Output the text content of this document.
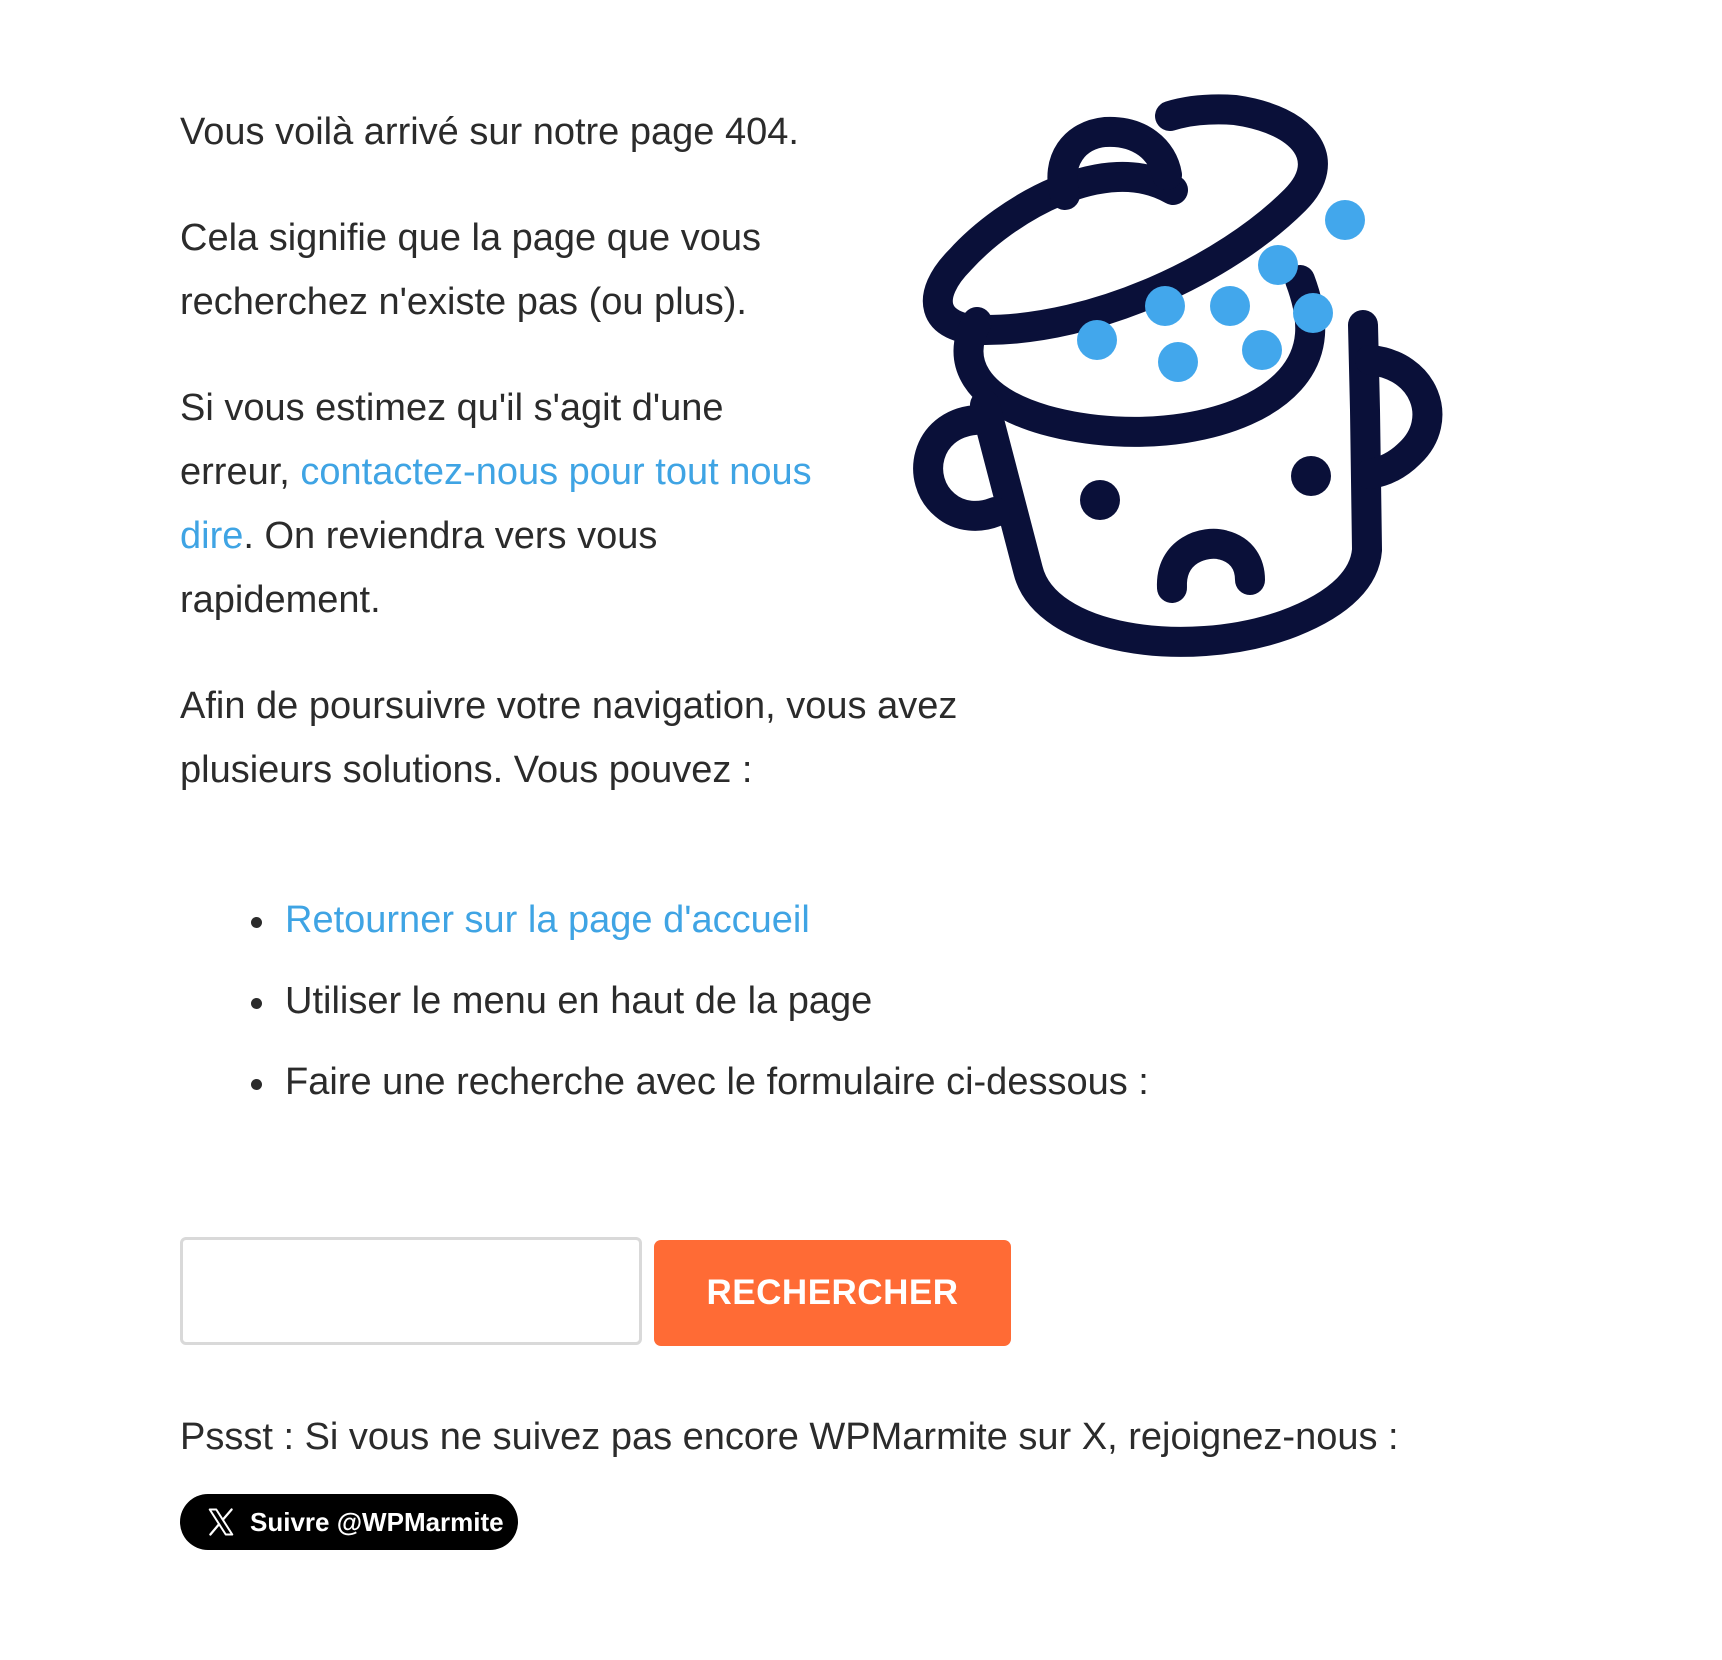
Vous voilà arrivé sur notre page 404.

Cela signifie que la page que vous recherchez n'existe pas (ou plus).

Si vous estimez qu'il s'agit d'une erreur, contactez-nous pour tout nous dire. On reviendra vers vous rapidement.

Afin de poursuivre votre navigation, vous avez plusieurs solutions. Vous pouvez :

Retourner sur la page d'accueil
Utiliser le menu en haut de la page
Faire une recherche avec le formulaire ci-dessous :
RECHERCHER

Pssst : Si vous ne suivez pas encore WPMarmite sur X, rejoignez-nous :

Suivre @WPMarmite
